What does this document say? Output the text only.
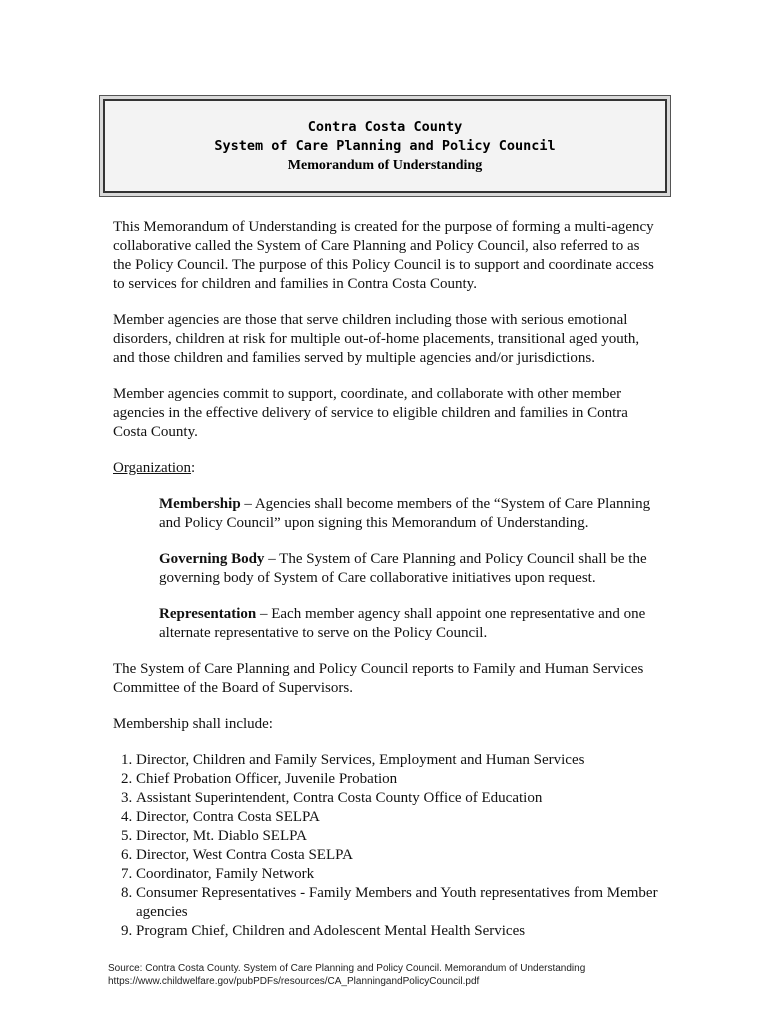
Contra Costa County
System of Care Planning and Policy Council
Memorandum of Understanding

This Memorandum of Understanding is created for the purpose of forming a multi-agency collaborative called the System of Care Planning and Policy Council, also referred to as the Policy Council. The purpose of this Policy Council is to support and coordinate access to services for children and families in Contra Costa County.

Member agencies are those that serve children including those with serious emotional disorders, children at risk for multiple out-of-home placements, transitional aged youth, and those children and families served by multiple agencies and/or jurisdictions.

Member agencies commit to support, coordinate, and collaborate with other member agencies in the effective delivery of service to eligible children and families in Contra Costa County.

Organization:

Membership – Agencies shall become members of the “System of Care Planning and Policy Council” upon signing this Memorandum of Understanding.

Governing Body – The System of Care Planning and Policy Council shall be the governing body of System of Care collaborative initiatives upon request.

Representation – Each member agency shall appoint one representative and one alternate representative to serve on the Policy Council.

The System of Care Planning and Policy Council reports to Family and Human Services Committee of the Board of Supervisors.

Membership shall include:

1. Director, Children and Family Services, Employment and Human Services
2. Chief Probation Officer, Juvenile Probation
3. Assistant Superintendent, Contra Costa County Office of Education
4. Director, Contra Costa SELPA
5. Director, Mt. Diablo SELPA
6. Director, West Contra Costa SELPA
7. Coordinator, Family Network
8. Consumer Representatives - Family Members and Youth representatives from Member agencies
9. Program Chief, Children and Adolescent Mental Health Services
Source: Contra Costa County. System of Care Planning and Policy Council. Memorandum of Understanding
https://www.childwelfare.gov/pubPDFs/resources/CA_PlanningandPolicyCouncil.pdf
